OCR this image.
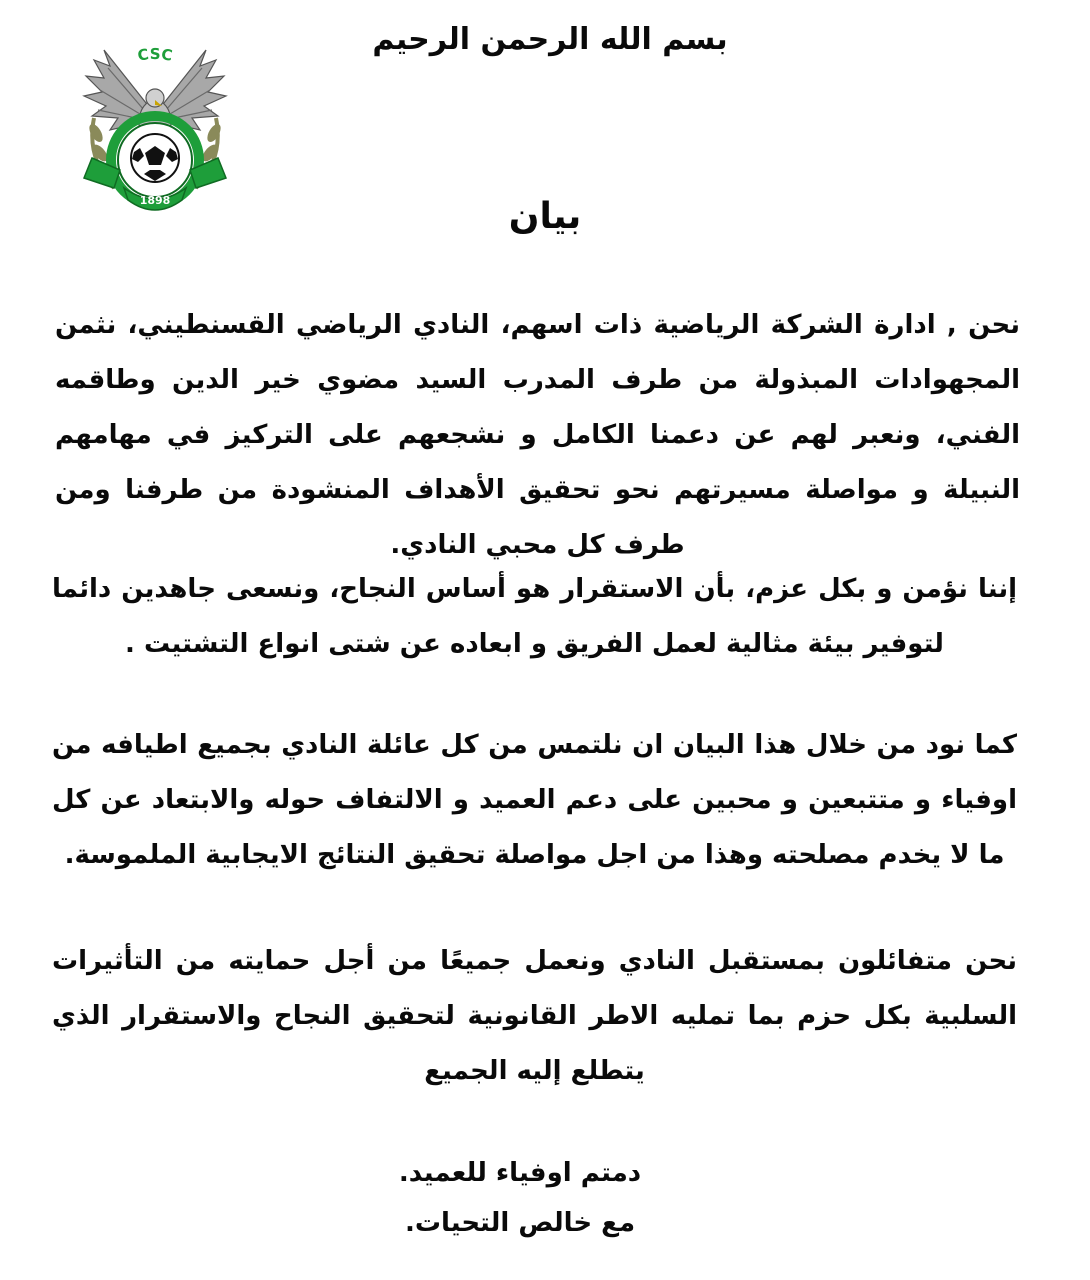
بسم الله الرحمن الرحيم
CSC
1898	بيان
نحن , ادارة الشركة الرياضية ذات اسهم، النادي الرياضي القسنطيني، نثمن المجهوادات المبذولة من طرف المدرب السيد مضوي خير الدين وطاقمه الفني، ونعبر لهم عن دعمنا الكامل و نشجعهم على التركيز في مهامهم النبيلة و مواصلة مسيرتهم نحو تحقيق الأهداف المنشودة من طرفنا ومن طرف كل محبي النادي.
إننا نؤمن و بكل عزم، بأن الاستقرار هو أساس النجاح، ونسعى جاهدين دائما لتوفير بيئة مثالية لعمل الفريق و ابعاده عن شتى انواع التشتيت .
كما نود من خلال هذا البيان ان نلتمس من كل عائلة النادي بجميع اطيافه من اوفياء و متتبعين و محبين على دعم العميد و الالتفاف حوله والابتعاد عن كل ما لا يخدم مصلحته وهذا من اجل مواصلة تحقيق النتائج الايجابية الملموسة.
نحن متفائلون بمستقبل النادي ونعمل جميعًا من أجل حمايته من التأثيرات السلبية بكل حزم بما تمليه الاطر القانونية لتحقيق النجاح والاستقرار الذي يتطلع إليه الجميع
دمتم اوفياء للعميد.
مع خالص التحيات.
